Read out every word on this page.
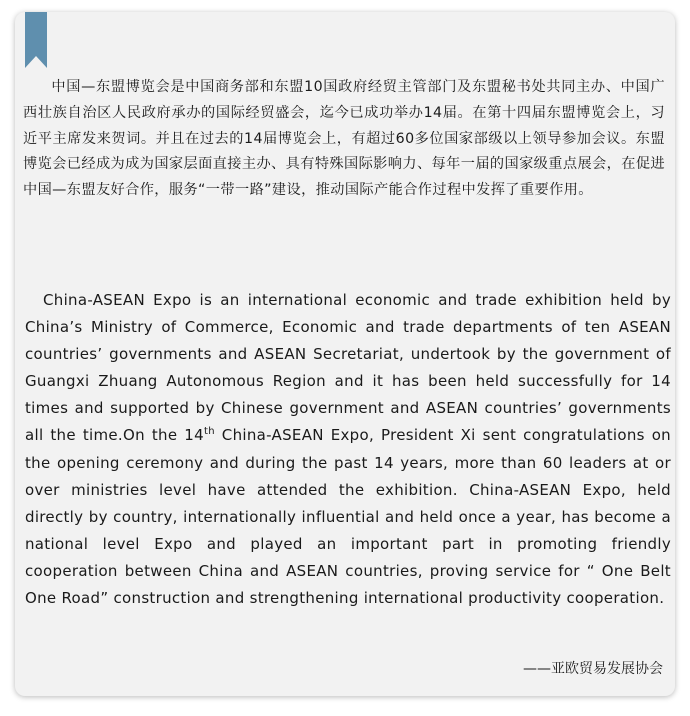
中国—东盟博览会是中国商务部和东盟10国政府经贸主管部门及东盟秘书处共同主办、中国广西壮族自治区人民政府承办的国际经贸盛会，迄今已成功举办14届。在第十四届东盟博览会上，习近平主席发来贺词。并且在过去的14届博览会上，有超过60多位国家部级以上领导参加会议。东盟博览会已经成为成为国家层面直接主办、具有特殊国际影响力、每年一届的国家级重点展会，在促进中国—东盟友好合作，服务“一带一路”建设，推动国际产能合作过程中发挥了重要作用。

China-ASEAN Expo is an international economic and trade exhibition held by China’s Ministry of Commerce, Economic and trade departments of ten ASEAN countries’ governments and ASEAN Secretariat, undertook by the government of Guangxi Zhuang Autonomous Region and it has been held successfully for 14 times and supported by Chinese government and ASEAN countries’ governments all the time.On the 14th China-ASEAN Expo, President Xi sent congratulations on the opening ceremony and during the past 14 years, more than 60 leaders at or over ministries level have attended the exhibition. China-ASEAN Expo, held directly by country, internationally influential and held once a year, has become a national level Expo and played an important part in promoting friendly cooperation between China and ASEAN countries, proving service for “ One Belt One Road” construction and strengthening international productivity cooperation.

——亚欧贸易发展协会
